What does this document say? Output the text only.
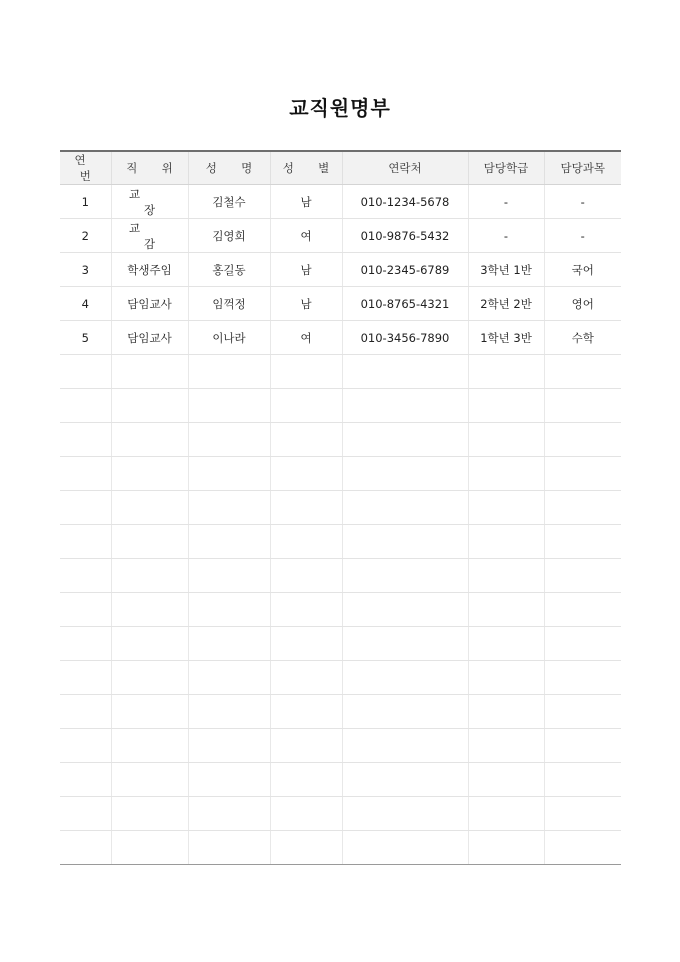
교직원명부
연 번	직 위	성 명	성 별	연락처	담당학급	담당과목
1	교 장	김철수	남	010-1234-5678	-	-
2	교 감	김영희	여	010-9876-5432	-	-
3	학생주임	홍길동	남	010-2345-6789	3학년 1반	국어
4	담임교사	임꺽정	남	010-8765-4321	2학년 2반	영어
5	담임교사	이나라	여	010-3456-7890	1학년 3반	수학
